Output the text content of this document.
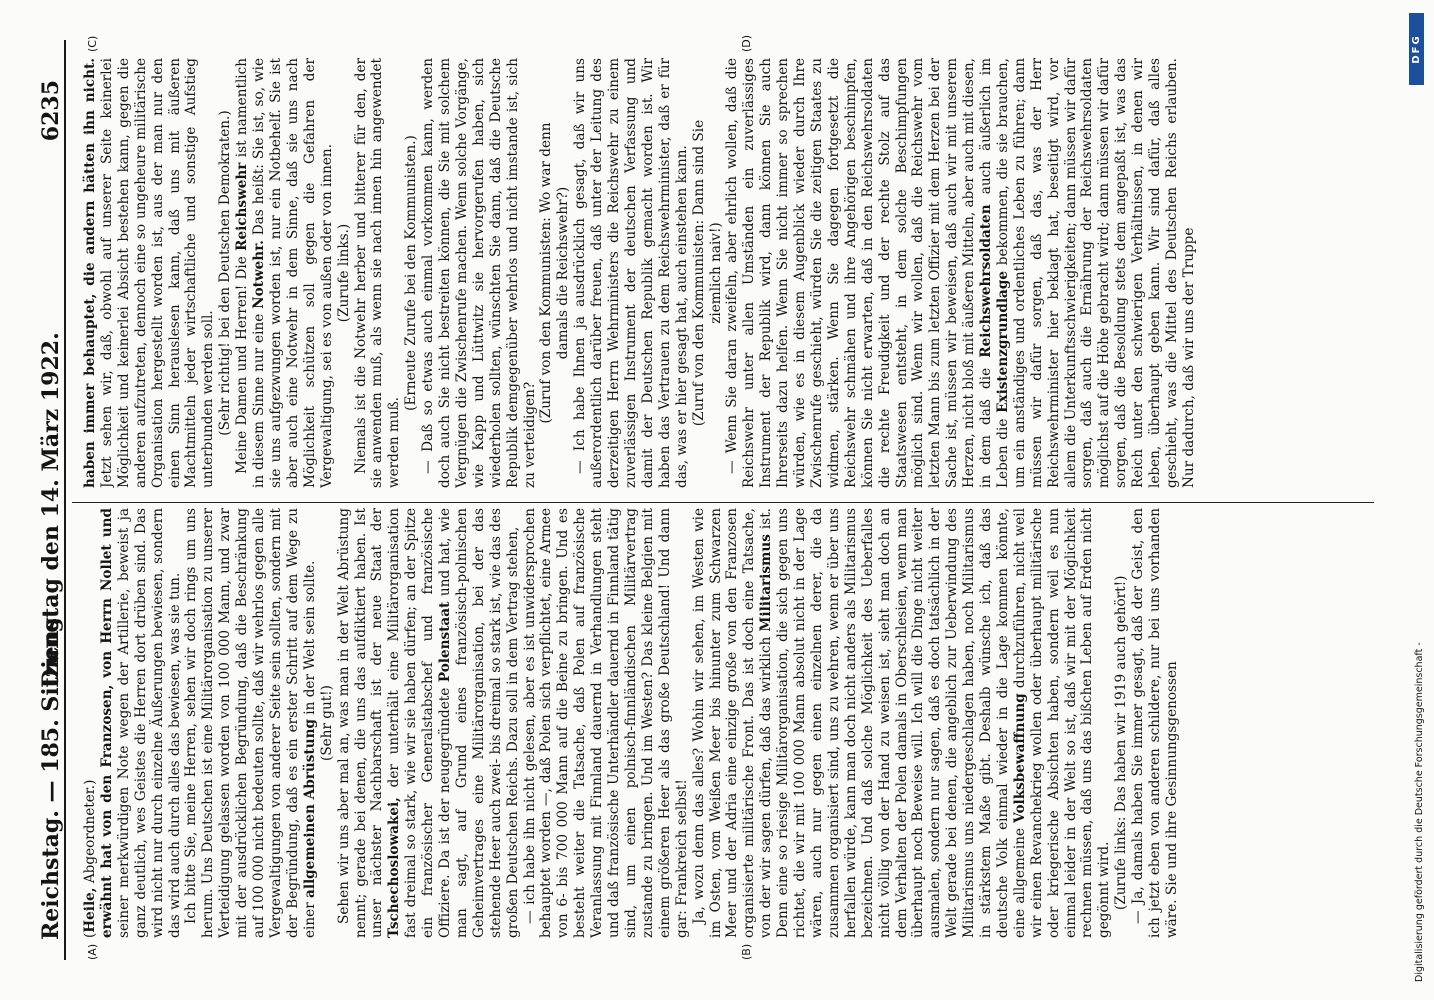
Reichstag. — 185. Sitzung.
Dienstag den 14. März 1922.
6235
(A)	(B)
(C)	(D)

(Heile, Abgeordneter.) erwähnt hat von den Franzosen, von Herrn Nollet und seiner merkwürdigen Note wegen der Artillerie, beweist ja ganz deutlich, wes Geistes die Herren dort drüben sind. Das wird nicht nur durch einzelne Äußerungen bewiesen, sondern das wird auch durch alles das bewiesen, was sie tun. Ich bitte Sie, meine Herren, sehen wir doch rings um uns herum. Uns Deutschen ist eine Militärorganisation zu unserer Verteidigung gelassen worden von 100 000 Mann, und zwar mit der ausdrücklichen Begründung, daß die Beschränkung auf 100 000 nicht bedeuten sollte, daß wir wehrlos gegen alle Vergewaltigungen von anderer Seite sein sollten, sondern mit der Begründung, daß es ein erster Schritt auf dem Wege zu einer allgemeinen Abrüstung in der Welt sein sollte.

(Sehr gut!) Sehen wir uns aber mal an, was man in der Welt Abrüstung nennt; gerade bei denen, die uns das aufdiktiert haben. Ist unser nächster Nachbarschaft ist der neue Staat der Tschechoslowakei, der unterhält eine Militärorganisation fast dreimal so stark, wie wir sie haben dürfen; an der Spitze ein französischer Generalstabschef und französische Offiziere. Da ist der neugegründete Polenstaat und hat, wie man sagt, auf Grund eines französisch-polnischen Geheimvertrages eine Militärorganisation, bei der das stehende Heer auch zwei- bis dreimal so stark ist, wie das des großen Deutschen Reichs. Dazu soll in dem Vertrag stehen, — ich habe ihn nicht gelesen, aber es ist unwidersprochen behauptet worden —, daß Polen sich verpflichtet, eine Armee von 6- bis 700 000 Mann auf die Beine zu bringen. Und es besteht weiter die Tatsache, daß Polen auf französische Veranlassung mit Finnland dauernd in Verhandlungen steht und daß französische Unterhändler dauernd in Finnland tätig sind, um einen polnisch-finnländischen Militärvertrag zustande zu bringen. Und im Westen? Das kleine Belgien mit einem größeren Heer als das große Deutschland! Und dann gar: Frankreich selbst! Ja, wozu denn das alles? Wohin wir sehen, im Westen wie im Osten, vom Weißen Meer bis hinunter zum Schwarzen Meer und der Adria eine einzige große von den Franzosen organisierte militärische Front. Das ist doch eine Tatsache, von der wir sagen dürfen, daß das wirklich Militarismus ist. Denn eine so riesige Militärorganisation, die sich gegen uns richtet, die wir mit 100 000 Mann absolut nicht in der Lage wären, auch nur gegen einen einzelnen derer, die da zusammen organisiert sind, uns zu wehren, wenn er über uns herfallen würde, kann man doch nicht anders als Militarismus bezeichnen. Und daß solche Möglichkeit des Ueberfalles nicht völlig von der Hand zu weisen ist, sieht man doch an dem Verhalten der Polen damals in Oberschlesien, wenn man überhaupt noch Beweise will. Ich will die Dinge nicht weiter ausmalen, sondern nur sagen, daß es doch tatsächlich in der Welt gerade bei denen, die angeblich zur Ueberwindung des Militarismus uns niedergeschlagen haben, noch Militarismus in stärkstem Maße gibt. Deshalb wünsche ich, daß das deutsche Volk einmal wieder in die Lage kommen könnte, eine allgemeine Volksbewaffnung durchzuführen, nicht weil wir einen Revanchekrieg wollen oder überhaupt militärische oder kriegerische Absichten haben, sondern weil es nun einmal leider in der Welt so ist, daß wir mit der Möglichkeit rechnen müssen, daß uns das bißchen Leben auf Erden nicht gegönnt wird. (Zurufe links: Das haben wir 1919 auch gehört!) — Ja, damals haben Sie immer gesagt, daß der Geist, den ich jetzt eben von anderen schildere, nur bei uns vorhanden wäre. Sie und ihre Gesinnungsgenossen

haben immer behauptet, die andern hätten ihn nicht. Jetzt sehen wir, daß, obwohl auf unserer Seite keinerlei Möglichkeit und keinerlei Absicht bestehen kann, gegen die anderen aufzutreten, dennoch eine so ungeheure militärische Organisation hergestellt worden ist, aus der man nur den einen Sinn herauslesen kann, daß uns mit äußeren Machtmitteln jeder wirtschaftliche und sonstige Aufstieg unterbunden werden soll. (Sehr richtig! bei den Deutschen Demokraten.) Meine Damen und Herren! Die Reichswehr ist namentlich in diesem Sinne nur eine Notwehr. Das heißt: Sie ist, so, wie sie uns aufgezwungen worden ist, nur ein Notbehelf. Sie ist aber auch eine Notwehr in dem Sinne, daß sie uns nach Möglichkeit schützen soll gegen die Gefahren der Vergewaltigung, sei es von außen oder von innen. (Zurufe links.) Niemals ist die Notwehr herber und bitterer für den, der sie anwenden muß, als wenn sie nach innen hin angewendet werden muß.

(Erneute Zurufe bei den Kommunisten.) — Daß so etwas auch einmal vorkommen kann, werden doch auch Sie nicht bestreiten können, die Sie mit solchem Vergnügen die Zwischenrufe machen. Wenn solche Vorgänge, wie Kapp und Lüttwitz sie hervorgerufen haben, sich wiederholen sollten, wünschten Sie dann, daß die Deutsche Republik demgegenüber wehrlos und nicht imstande ist, sich zu verteidigen?

(Zuruf von den Kommunisten: Wo war denn damals die Reichswehr?) — Ich habe Ihnen ja ausdrücklich gesagt, daß wir uns außerordentlich darüber freuen, daß unter der Leitung des derzeitigen Herrn Wehrministers die Reichswehr zu einem zuverlässigen Instrument der deutschen Verfassung und damit der Deutschen Republik gemacht worden ist. Wir haben das Vertrauen zu dem Reichswehrminister, daß er für das, was er hier gesagt hat, auch einstehen kann. (Zuruf von den Kommunisten: Dann sind Sie ziemlich naiv!) — Wenn Sie daran zweifeln, aber ehrlich wollen, daß die Reichswehr unter allen Umständen ein zuverlässiges Instrument der Republik wird, dann können Sie auch Ihrerseits dazu helfen. Wenn Sie nicht immer so sprechen würden, wie es in diesem Augenblick wieder durch Ihre Zwischenrufe geschieht, würden Sie die zeitigen Staates zu widmen, stärken. Wenn Sie dagegen fortgesetzt die Reichswehr schmähen und ihre Angehörigen beschimpfen, können Sie nicht erwarten, daß in den Reichswehrsoldaten die rechte Freudigkeit und der rechte Stolz auf das Staatswesen entsteht, in dem solche Beschimpfungen möglich sind. Wenn wir wollen, daß die Reichswehr vom letzten Mann bis zum letzten Offizier mit dem Herzen bei der Sache ist, müssen wir beweisen, daß auch wir mit unserem Herzen, nicht bloß mit äußeren Mitteln, aber auch mit diesen, in dem daß die Reichswehrsoldaten auch äußerlich im Leben die Existenzgrundlage bekommen, die sie brauchen, um ein anständiges und ordentliches Leben zu führen; dann müssen wir dafür sorgen, daß das, was der Herr Reichswehrminister hier beklagt hat, beseitigt wird, vor allem die Unterkunftsschwierigkeiten; dann müssen wir dafür sorgen, daß auch die Ernährung der Reichswehrsoldaten möglichst auf die Höhe gebracht wird; dann müssen wir dafür sorgen, daß die Besoldung stets dem angepaßt ist, was das Reich unter den schwierigen Verhältnissen, in denen wir leben, überhaupt geben kann. Wir sind dafür, daß alles geschieht, was die Mittel des Deutschen Reichs erlauben. Nur dadurch, daß wir uns der Truppe

Digitalisierung gefördert durch die Deutsche Forschungsgemeinschaft -
DFG
